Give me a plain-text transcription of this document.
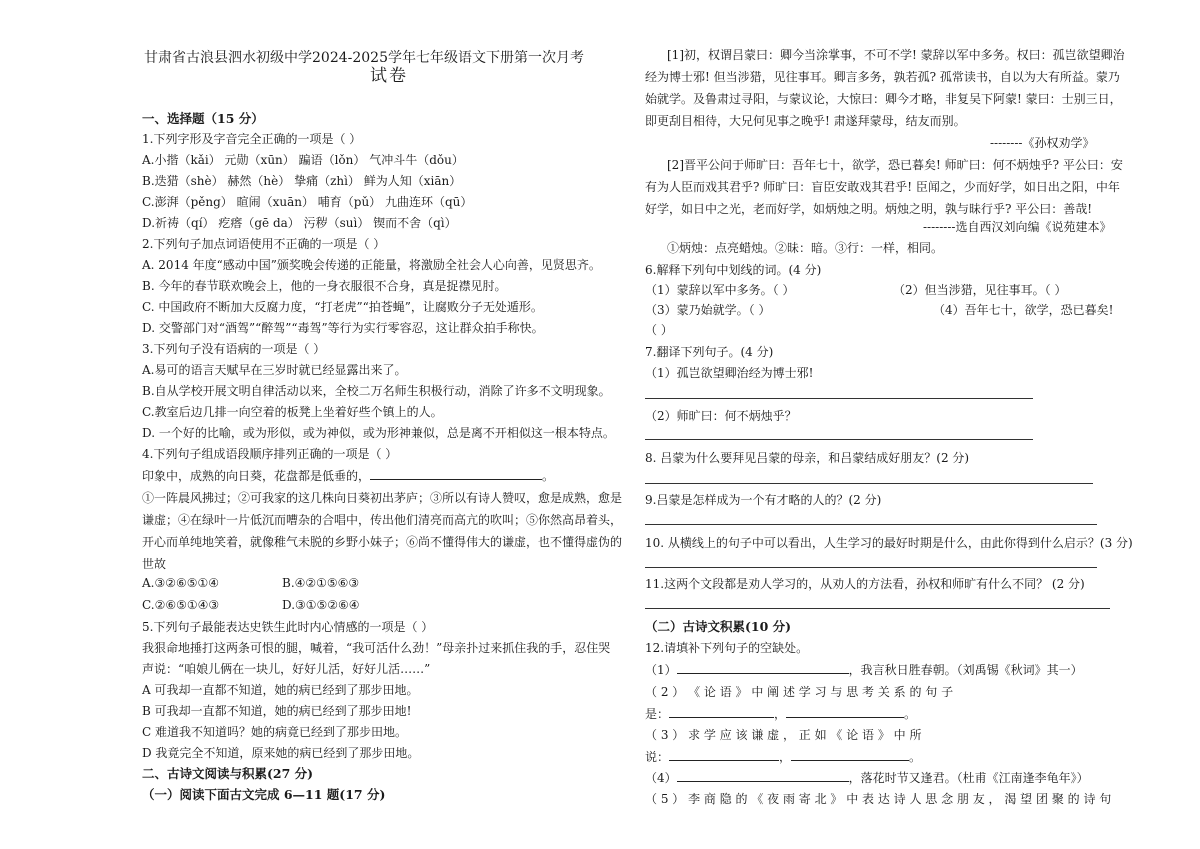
甘肃省古浪县泗水初级中学2024-2025学年七年级语文下册第一次月考
试卷
一、选择题（15 分）
1.下列字形及字音完全正确的一项是（ ）
A.小揩（kǎi） 元勋（xūn） 蹁语（lǒn） 气冲斗牛（dǒu）
B.迭猎（shè） 赫然（hè） 挚痛（zhì） 鲜为人知（xiān）
C.澎湃（pěng） 暄闹（xuān） 哺育（pǔ） 九曲连环（qū）
D.祈祷（qí） 疙瘩（gē da） 污秽（suì） 锲而不舍（qì）
2.下列句子加点词语使用不正确的一项是（ ）
A. 2014 年度“感动中国”颁奖晚会传递的正能量，将激励全社会人心向善，见贤思齐。
B. 今年的春节联欢晚会上，他的一身衣服很不合身，真是捉襟见肘。
C. 中国政府不断加大反腐力度，“打老虎”“拍苍蝇”，让腐败分子无处遁形。
D. 交警部门对“酒驾”“醉驾”“毒驾”等行为实行零容忍，这让群众拍手称快。
3.下列句子没有语病的一项是（ ）
A.易可的语言天赋早在三岁时就已经显露出来了。
B.自从学校开展文明自律活动以来，全校二万名师生积极行动，消除了许多不文明现象。
C.教室后边几排一向空着的板凳上坐着好些个镇上的人。
D. 一个好的比喻，或为形似，或为神似，或为形神兼似，总是离不开相似这一根本特点。
4.下列句子组成语段顺序排列正确的一项是（ ）
印象中，成熟的向日葵，花盘都是低垂的，	。
①一阵晨风拂过；②可我家的这几株向日葵初出茅庐；③所以有诗人赞叹，愈是成熟，愈是
谦虚；④在绿叶一片低沉而嘈杂的合唱中，传出他们清亮而高亢的吹叫；⑤你然高昂着头，
开心而单纯地笑着，就像稚气未脱的乡野小妹子；⑥尚不懂得伟大的谦虚，也不懂得虚伪的
世故
A.③②⑥⑤①④	B.④②①⑤⑥③
C.②⑥⑤①④③	D.③①⑤②⑥④
5.下列句子最能表达史铁生此时内心情感的一项是（ ）
我狠命地捶打这两条可恨的腿，喊着，“我可活什么劲！”母亲扑过来抓住我的手，忍住哭
声说：“咱娘儿俩在一块儿，好好儿活，好好儿活……”
A 可我却一直都不知道，她的病已经到了那步田地。
B 可我却一直都不知道，她的病已经到了那步田地!
C 难道我不知道吗？她的病竟已经到了那步田地。
D 我竟完全不知道，原来她的病已经到了那步田地。
二、古诗文阅读与积累(27 分)
（一）阅读下面古文完成 6—11 题(17 分)
[1]初，权谓吕蒙曰：卿今当涂掌事，不可不学! 蒙辞以军中多务。权曰：孤岂欲望卿治
经为博士邪! 但当涉猎，见往事耳。卿言多务，孰若孤? 孤常读书，自以为大有所益。蒙乃
始就学。及鲁肃过寻阳，与蒙议论，大惊曰：卿今才略，非复吴下阿蒙! 蒙曰：士别三日，
即更刮目相待，大兄何见事之晚乎! 肃遂拜蒙母，结友而别。
--------《孙权劝学》
[2]晋平公问于师旷曰：吾年七十，欲学，恐已暮矣! 师旷曰：何不炳烛乎? 平公曰：安
有为人臣而戏其君乎? 师旷曰：盲臣安敢戏其君乎! 臣闻之，少而好学，如日出之阳，中年
好学，如日中之光，老而好学，如炳烛之明。炳烛之明，孰与昧行乎? 平公曰：善哉!
--------选自西汉刘向编《说苑建本》
①炳烛：点亮蜡烛。②昧：暗。③行：一样，相同。
6.解释下列句中划线的词。(4 分)
（1）蒙辞以军中多务。（ ）	（2）但当涉猎，见往事耳。（ ）
（3）蒙乃始就学。（ ）	（4）吾年七十，欲学，恐已暮矣!
（ ）
7.翻译下列句子。(4 分)
（1）孤岂欲望卿治经为博士邪!
（2）师旷曰：何不炳烛乎？
8. 吕蒙为什么要拜见吕蒙的母亲，和吕蒙结成好朋友？(2 分)
9.吕蒙是怎样成为一个有才略的人的？(2 分)
10. 从横线上的句子中可以看出，人生学习的最好时期是什么，由此你得到什么启示？(3 分)
11.这两个文段都是劝人学习的，从劝人的方法看，孙权和师旷有什么不同？ (2 分)
（二）古诗文积累(10 分)
12.请填补下列句子的空缺处。
（1）	，我言秋日胜春朝。（刘禹锡《秋词》其一）
（ 2 ） 《 论 语 》 中 阐 述 学 习 与 思 考 关 系 的 句 子
是：	，	。
（ 3 ） 求 学 应 该 谦 虚 ， 正 如 《 论 语 》 中 所
说：	，	。
（4）	，落花时节又逢君。（杜甫《江南逢李龟年》）
（ 5 ） 李 商 隐 的 《 夜 雨 寄 北 》 中 表 达 诗 人 思 念 朋 友 ， 渴 望 团 聚 的 诗 句
